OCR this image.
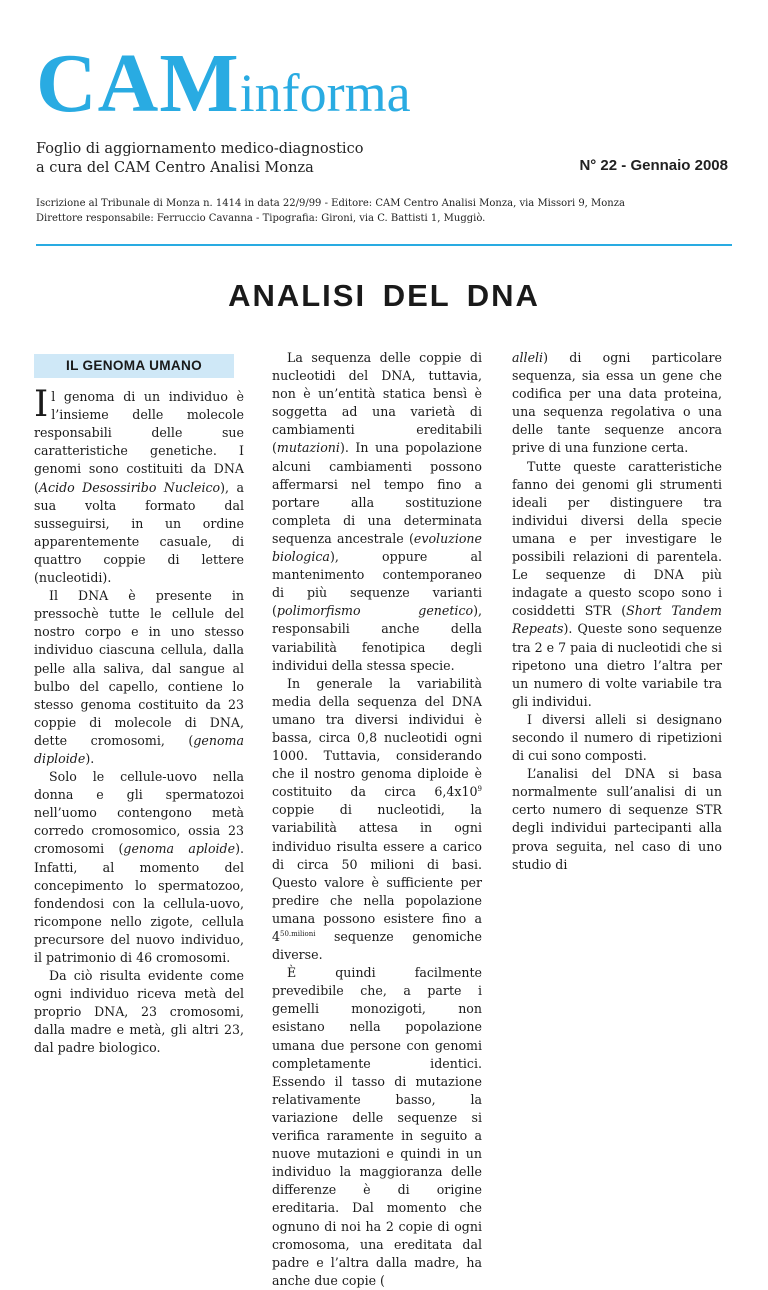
CAMinforma
Foglio di aggiornamento medico-diagnostico
a cura del CAM Centro Analisi Monza	N° 22 - Gennaio 2008
Iscrizione al Tribunale di Monza n. 1414 in data 22/9/99 - Editore: CAM Centro Analisi Monza, via Missori 9, Monza
Direttore responsabile: Ferruccio Cavanna - Tipografia: Gironi, via C. Battisti 1, Muggiò.
ANALISI DEL DNA
IL GENOMA UMANO

Il genoma di un individuo è l’insieme delle molecole responsabili delle sue caratteristiche genetiche. I genomi sono costituiti da DNA (Acido Desossiribo Nucleico), a sua volta formato dal susseguirsi, in un ordine apparentemente casuale, di quattro coppie di lettere (nucleotidi).

Il DNA è presente in pressochè tutte le cellule del nostro corpo e in uno stesso individuo ciascuna cellula, dalla pelle alla saliva, dal sangue al bulbo del capello, contiene lo stesso genoma costituito da 23 coppie di molecole di DNA, dette cromosomi, (genoma diploide).

Solo le cellule-uovo nella donna e gli spermatozoi nell’uomo contengono metà corredo cromosomico, ossia 23 cromosomi (genoma aploide). Infatti, al momento del concepimento lo spermatozoo, fondendosi con la cellula-uovo, ricompone nello zigote, cellula precursore del nuovo individuo, il patrimonio di 46 cromosomi.

Da ciò risulta evidente come ogni individuo riceva metà del proprio DNA, 23 cromosomi, dalla madre e metà, gli altri 23, dal padre biologico.

La sequenza delle coppie di nucleotidi del DNA, tuttavia, non è un’entità statica bensì è soggetta ad una varietà di cambiamenti ereditabili (mutazioni). In una popolazione alcuni cambiamenti possono affermarsi nel tempo fino a portare alla sostituzione completa di una determinata sequenza ancestrale (evoluzione biologica), oppure al mantenimento contemporaneo di più sequenze varianti (polimorfismo genetico), responsabili anche della variabilità fenotipica degli individui della stessa specie.

In generale la variabilità media della sequenza del DNA umano tra diversi individui è bassa, circa 0,8 nucleotidi ogni 1000. Tuttavia, considerando che il nostro genoma diploide è costituito da circa $6,4x10^9$ coppie di nucleotidi, la variabilità attesa in ogni individuo risulta essere a carico di circa 50 milioni di basi. Questo valore è sufficiente per predire che nella popolazione umana possono esistere fino a $4^{50.milioni}$ sequenze genomiche diverse.

È quindi facilmente prevedibile che, a parte i gemelli monozigoti, non esistano nella popolazione umana due persone con genomi completamente identici. Essendo il tasso di mutazione relativamente basso, la variazione delle sequenze si verifica raramente in seguito a nuove mutazioni e quindi in un individuo la maggioranza delle differenze è di origine ereditaria. Dal momento che ognuno di noi ha 2 copie di ogni cromosoma, una ereditata dal padre e l’altra dalla madre, ha anche due copie (

alleli) di ogni particolare sequenza, sia essa un gene che codifica per una data proteina, una sequenza regolativa o una delle tante sequenze ancora prive di una funzione certa.

Tutte queste caratteristiche fanno dei genomi gli strumenti ideali per distinguere tra individui diversi della specie umana e per investigare le possibili relazioni di parentela. Le sequenze di DNA più indagate a questo scopo sono i cosiddetti STR (Short Tandem Repeats). Queste sono sequenze tra 2 e 7 paia di nucleotidi che si ripetono una dietro l’altra per un numero di volte variabile tra gli individui.

I diversi alleli si designano secondo il numero di ripetizioni di cui sono composti.

L’analisi del DNA si basa normalmente sull’analisi di un certo numero di sequenze STR degli individui partecipanti alla prova seguita, nel caso di uno studio di
